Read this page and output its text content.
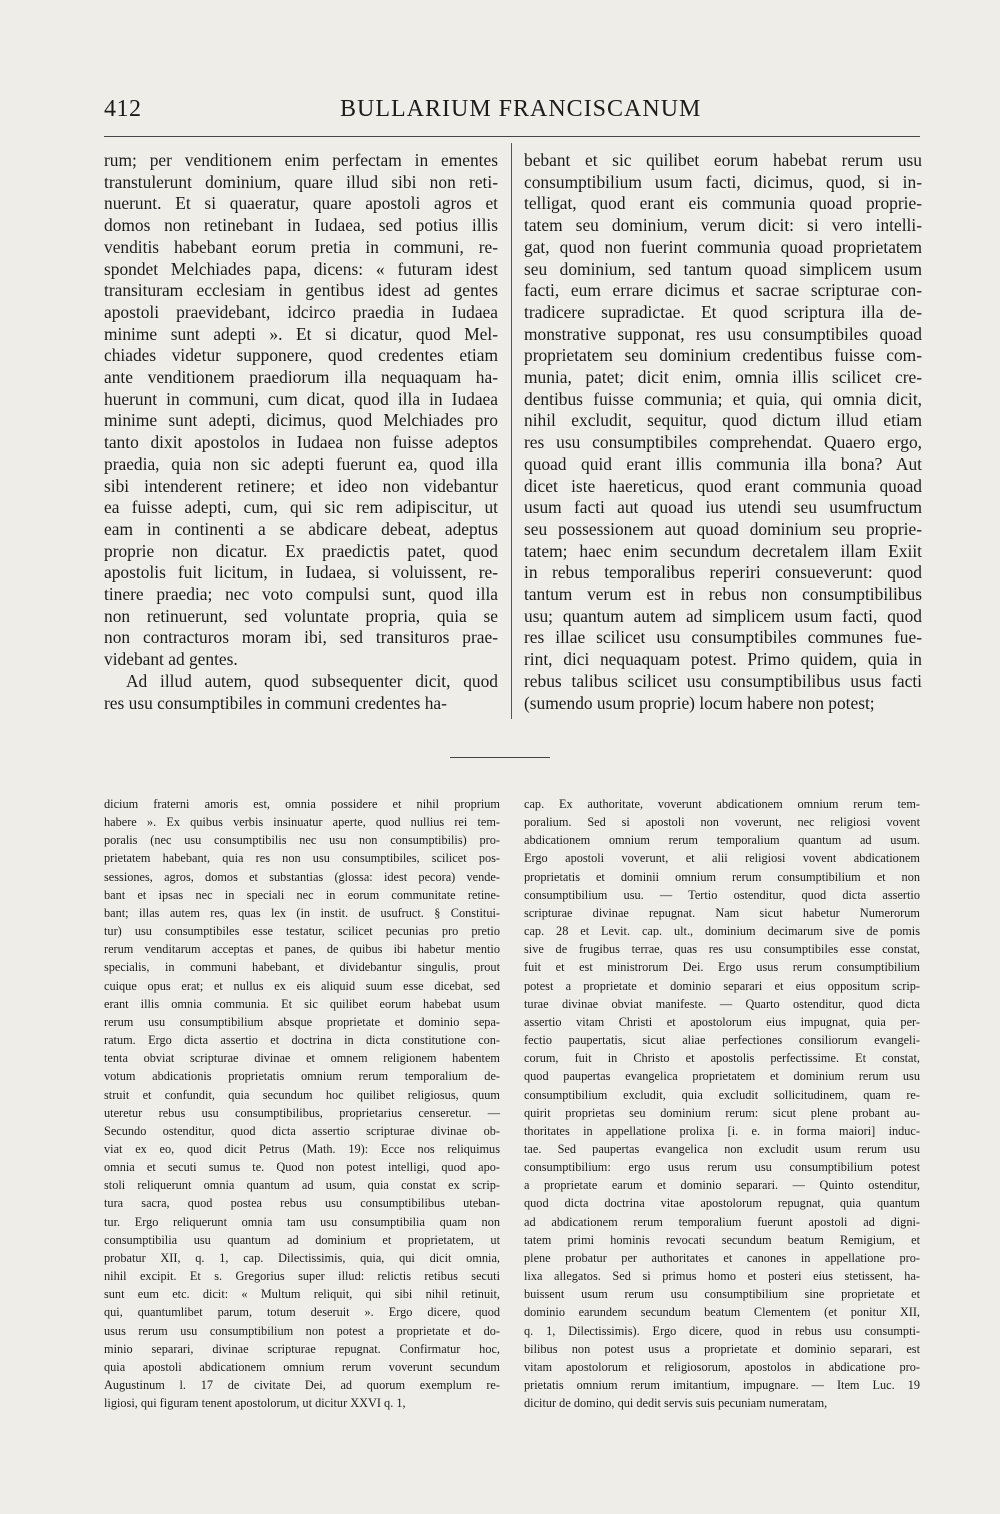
412	BULLARIUM FRANCISCANUM
rum; per venditionem enim perfectam in ementes
transtulerunt dominium, quare illud sibi non reti-
nuerunt. Et si quaeratur, quare apostoli agros et
domos non retinebant in Iudaea, sed potius illis
venditis habebant eorum pretia in communi, re-
spondet Melchiades papa, dicens: « futuram idest
transituram ecclesiam in gentibus idest ad gentes
apostoli praevidebant, idcirco praedia in Iudaea
minime sunt adepti ». Et si dicatur, quod Mel-
chiades videtur supponere, quod credentes etiam
ante venditionem praediorum illa nequaquam ha-
huerunt in communi, cum dicat, quod illa in Iudaea
minime sunt adepti, dicimus, quod Melchiades pro
tanto dixit apostolos in Iudaea non fuisse adeptos
praedia, quia non sic adepti fuerunt ea, quod illa
sibi intenderent retinere; et ideo non videbantur
ea fuisse adepti, cum, qui sic rem adipiscitur, ut
eam in continenti a se abdicare debeat, adeptus
proprie non dicatur. Ex praedictis patet, quod
apostolis fuit licitum, in Iudaea, si voluissent, re-
tinere praedia; nec voto compulsi sunt, quod illa
non retinuerunt, sed voluntate propria, quia se
non contracturos moram ibi, sed transituros prae-
videbant ad gentes.
Ad illud autem, quod subsequenter dicit, quod
res usu consumptibiles in communi credentes ha-
bebant et sic quilibet eorum habebat rerum usu
consumptibilium usum facti, dicimus, quod, si in-
telligat, quod erant eis communia quoad proprie-
tatem seu dominium, verum dicit: si vero intelli-
gat, quod non fuerint communia quoad proprietatem
seu dominium, sed tantum quoad simplicem usum
facti, eum errare dicimus et sacrae scripturae con-
tradicere supradictae. Et quod scriptura illa de-
monstrative supponat, res usu consumptibiles quoad
proprietatem seu dominium credentibus fuisse com-
munia, patet; dicit enim, omnia illis scilicet cre-
dentibus fuisse communia; et quia, qui omnia dicit,
nihil excludit, sequitur, quod dictum illud etiam
res usu consumptibiles comprehendat. Quaero ergo,
quoad quid erant illis communia illa bona? Aut
dicet iste haereticus, quod erant communia quoad
usum facti aut quoad ius utendi seu usumfructum
seu possessionem aut quoad dominium seu proprie-
tatem; haec enim secundum decretalem illam Exiit
in rebus temporalibus reperiri consueverunt: quod
tantum verum est in rebus non consumptibilibus
usu; quantum autem ad simplicem usum facti, quod
res illae scilicet usu consumptibiles communes fue-
rint, dici nequaquam potest. Primo quidem, quia in
rebus talibus scilicet usu consumptibilibus usus facti
(sumendo usum proprie) locum habere non potest;
dicium fraterni amoris est, omnia possidere et nihil proprium
habere ». Ex quibus verbis insinuatur aperte, quod nullius rei tem-
poralis (nec usu consumptibilis nec usu non consumptibilis) pro-
prietatem habebant, quia res non usu consumptibiles, scilicet pos-
sessiones, agros, domos et substantias (glossa: idest pecora) vende-
bant et ipsas nec in speciali nec in eorum communitate retine-
bant; illas autem res, quas lex (in instit. de usufruct. § Constitui-
tur) usu consumptibiles esse testatur, scilicet pecunias pro pretio
rerum venditarum acceptas et panes, de quibus ibi habetur mentio
specialis, in communi habebant, et dividebantur singulis, prout
cuique opus erat; et nullus ex eis aliquid suum esse dicebat, sed
erant illis omnia communia. Et sic quilibet eorum habebat usum
rerum usu consumptibilium absque proprietate et dominio sepa-
ratum. Ergo dicta assertio et doctrina in dicta constitutione con-
tenta obviat scripturae divinae et omnem religionem habentem
votum abdicationis proprietatis omnium rerum temporalium de-
struit et confundit, quia secundum hoc quilibet religiosus, quum
uteretur rebus usu consumptibilibus, proprietarius censeretur. —
Secundo ostenditur, quod dicta assertio scripturae divinae ob-
viat ex eo, quod dicit Petrus (Math. 19): Ecce nos reliquimus
omnia et secuti sumus te. Quod non potest intelligi, quod apo-
stoli reliquerunt omnia quantum ad usum, quia constat ex scrip-
tura sacra, quod postea rebus usu consumptibilibus uteban-
tur. Ergo reliquerunt omnia tam usu consumptibilia quam non
consumptibilia usu quantum ad dominium et proprietatem, ut
probatur XII, q. 1, cap. Dilectissimis, quia, qui dicit omnia,
nihil excipit. Et s. Gregorius super illud: relictis retibus secuti
sunt eum etc. dicit: « Multum reliquit, qui sibi nihil retinuit,
qui, quantumlibet parum, totum deseruit ». Ergo dicere, quod
usus rerum usu consumptibilium non potest a proprietate et do-
minio separari, divinae scripturae repugnat. Confirmatur hoc,
quia apostoli abdicationem omnium rerum voverunt secundum
Augustinum l. 17 de civitate Dei, ad quorum exemplum re-
ligiosi, qui figuram tenent apostolorum, ut dicitur XXVI q. 1,
cap. Ex authoritate, voverunt abdicationem omnium rerum tem-
poralium. Sed si apostoli non voverunt, nec religiosi vovent
abdicationem omnium rerum temporalium quantum ad usum.
Ergo apostoli voverunt, et alii religiosi vovent abdicationem
proprietatis et dominii omnium rerum consumptibilium et non
consumptibilium usu. — Tertio ostenditur, quod dicta assertio
scripturae divinae repugnat. Nam sicut habetur Numerorum
cap. 28 et Levit. cap. ult., dominium decimarum sive de pomis
sive de frugibus terrae, quas res usu consumptibiles esse constat,
fuit et est ministrorum Dei. Ergo usus rerum consumptibilium
potest a proprietate et dominio separari et eius oppositum scrip-
turae divinae obviat manifeste. — Quarto ostenditur, quod dicta
assertio vitam Christi et apostolorum eius impugnat, quia per-
fectio paupertatis, sicut aliae perfectiones consiliorum evangeli-
corum, fuit in Christo et apostolis perfectissime. Et constat,
quod paupertas evangelica proprietatem et dominium rerum usu
consumptibilium excludit, quia excludit sollicitudinem, quam re-
quirit proprietas seu dominium rerum: sicut plene probant au-
thoritates in appellatione prolixa [i. e. in forma maiori] induc-
tae. Sed paupertas evangelica non excludit usum rerum usu
consumptibilium: ergo usus rerum usu consumptibilium potest
a proprietate earum et dominio separari. — Quinto ostenditur,
quod dicta doctrina vitae apostolorum repugnat, quia quantum
ad abdicationem rerum temporalium fuerunt apostoli ad digni-
tatem primi hominis revocati secundum beatum Remigium, et
plene probatur per authoritates et canones in appellatione pro-
lixa allegatos. Sed si primus homo et posteri eius stetissent, ha-
buissent usum rerum usu consumptibilium sine proprietate et
dominio earundem secundum beatum Clementem (et ponitur XII,
q. 1, Dilectissimis). Ergo dicere, quod in rebus usu consumpti-
bilibus non potest usus a proprietate et dominio separari, est
vitam apostolorum et religiosorum, apostolos in abdicatione pro-
prietatis omnium rerum imitantium, impugnare. — Item Luc. 19
dicitur de domino, qui dedit servis suis pecuniam numeratam,
